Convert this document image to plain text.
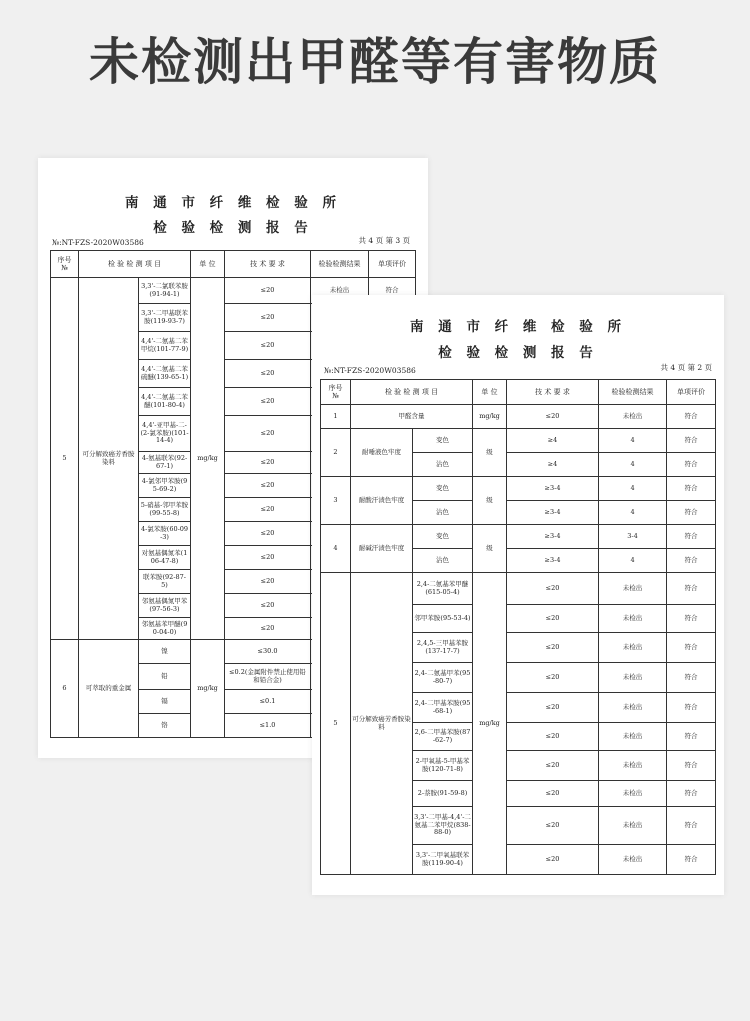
未检测出甲醛等有害物质
南 通 市 纤 维 检 验 所
检 验 检 测 报 告
№:NT-FZS-2020W03586	共 4 页 第 3 页
序号
№	检 验 检 测 项 目		单 位	技 术 要 求	检验检测结果	单项评价
5	可分解致癌芳香胺染料	3,3'-二氯联苯胺(91-94-1)	mg/kg	≤20	未检出	符合
		3,3'-二甲基联苯胺(119-93-7)		≤20		
		4,4'-二氨基二苯甲烷(101-77-9)		≤20		
		4,4'-二氨基二苯硫醚(139-65-1)		≤20		
		4,4'-二氨基二苯醚(101-80-4)		≤20		
		4,4'-亚甲基-二-(2-氯苯胺)(101-14-4)		≤20		
		4-氨基联苯(92-67-1)		≤20		
		4-氯邻甲苯胺(95-69-2)		≤20		
		5-硝基-邻甲苯胺(99-55-8)		≤20		
		4-氯苯胺(60-09-3)		≤20		
		对氨基偶氮苯(106-47-8)		≤20		
		联苯胺(92-87-5)		≤20		
		邻氨基偶氮甲苯(97-56-3)		≤20		
		邻氨基苯甲醚(90-04-0)		≤20		
6	可萃取的重金属	镍	mg/kg	≤30.0		
		铅		≤0.2(金属附件禁止使用铅和铅合金)		
		镉		≤0.1		
		铬		≤1.0		
南 通 市 纤 维 检 验 所
检 验 检 测 报 告
№:NT-FZS-2020W03586	共 4 页 第 2 页
序号
№	检 验 检 测 项 目		单 位	技 术 要 求	检验检测结果	单项评价
1	甲醛含量		mg/kg	≤20	未检出	符合
2	耐唾液色牢度	变色	级	≥4	4	符合
		沾色		≥4	4	符合
3	耐酸汗渍色牢度	变色	级	≥3-4	4	符合
		沾色		≥3-4	4	符合
4	耐碱汗渍色牢度	变色	级	≥3-4	3-4	符合
		沾色		≥3-4	4	符合
5	可分解致癌芳香胺染料	2,4-二氨基苯甲醚(615-05-4)	mg/kg	≤20	未检出	符合
		邻甲苯胺(95-53-4)		≤20	未检出	符合
		2,4,5-三甲基苯胺(137-17-7)		≤20	未检出	符合
		2,4-二氨基甲苯(95-80-7)		≤20	未检出	符合
		2,4-二甲基苯胺(95-68-1)		≤20	未检出	符合
		2,6-二甲基苯胺(87-62-7)		≤20	未检出	符合
		2-甲氧基-5-甲基苯胺(120-71-8)		≤20	未检出	符合
		2-萘胺(91-59-8)		≤20	未检出	符合
		3,3'-二甲基-4,4'-二氨基二苯甲烷(838-88-0)		≤20	未检出	符合
		3,3'-二甲氧基联苯胺(119-90-4)		≤20	未检出	符合
